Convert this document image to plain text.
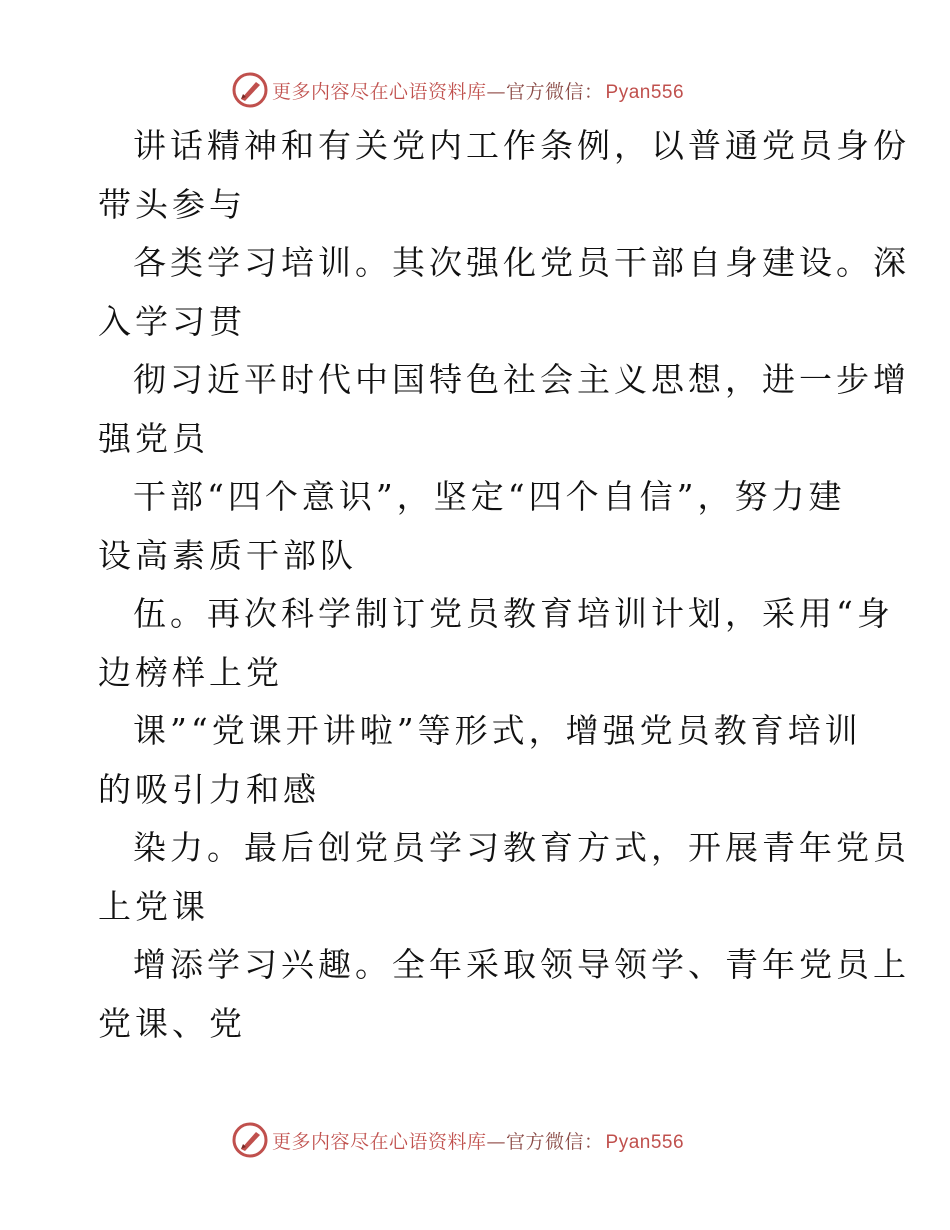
更多内容尽在心语资料库—官方微信： Pyan556
讲话精神和有关党内工作条例，以普通党员身份
带头参与
各类学习培训。其次强化党员干部自身建设。深
入学习贯
彻习近平时代中国特色社会主义思想，进一步增
强党员
干部“四个意识”，坚定“四个自信”，努力建
设高素质干部队
伍。再次科学制订党员教育培训计划，采用“身
边榜样上党
课”“党课开讲啦”等形式，增强党员教育培训
的吸引力和感
染力。最后创党员学习教育方式，开展青年党员
上党课
增添学习兴趣。全年采取领导领学、青年党员上
党课、党
更多内容尽在心语资料库—官方微信： Pyan556
